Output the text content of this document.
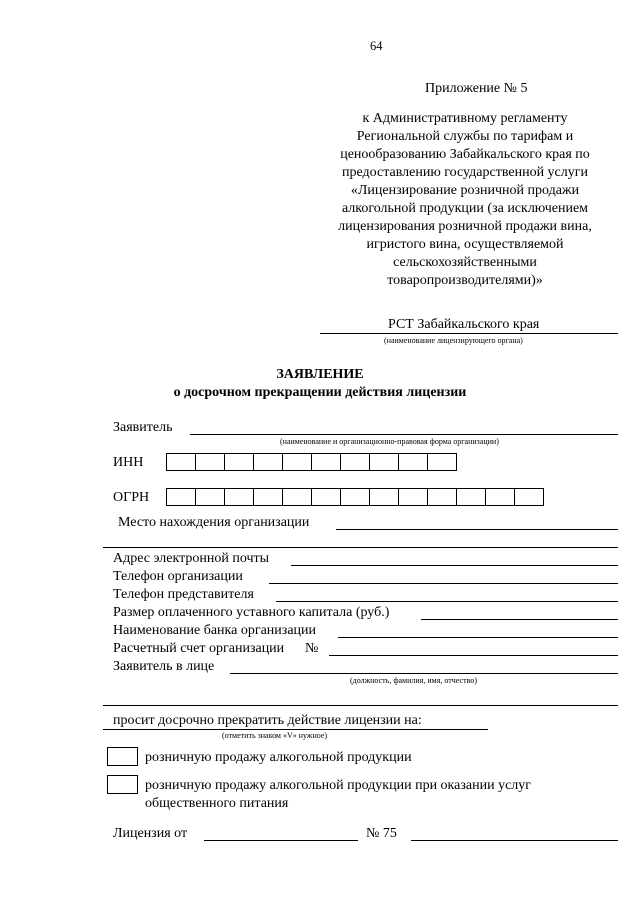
64
Приложение № 5
к Административному регламенту
Региональной службы по тарифам и
ценообразованию Забайкальского края по
предоставлению государственной услуги
«Лицензирование розничной продажи
алкогольной продукции (за исключением
лицензирования розничной продажи вина,
игристого вина, осуществляемой
сельскохозяйственными
товаропроизводителями)»
РСТ Забайкальского края
(наименование лицензирующего органа)
ЗАЯВЛЕНИЕ
о досрочном прекращении действия лицензии
Заявитель
(наименование и организационно-правовая форма организации)
ИНН
ОГРН
Место нахождения организации
Адрес электронной почты
Телефон организации
Телефон представителя
Размер оплаченного уставного капитала (руб.)
Наименование банка организации
Расчетный счет организации №
Заявитель в лице
(должность, фамилия, имя, отчество)
просит досрочно прекратить действие лицензии на:
(отметить знаком «V» нужное)
розничную продажу алкогольной продукции
розничную продажу алкогольной продукции при оказании услуг
общественного питания
Лицензия от	№ 75
